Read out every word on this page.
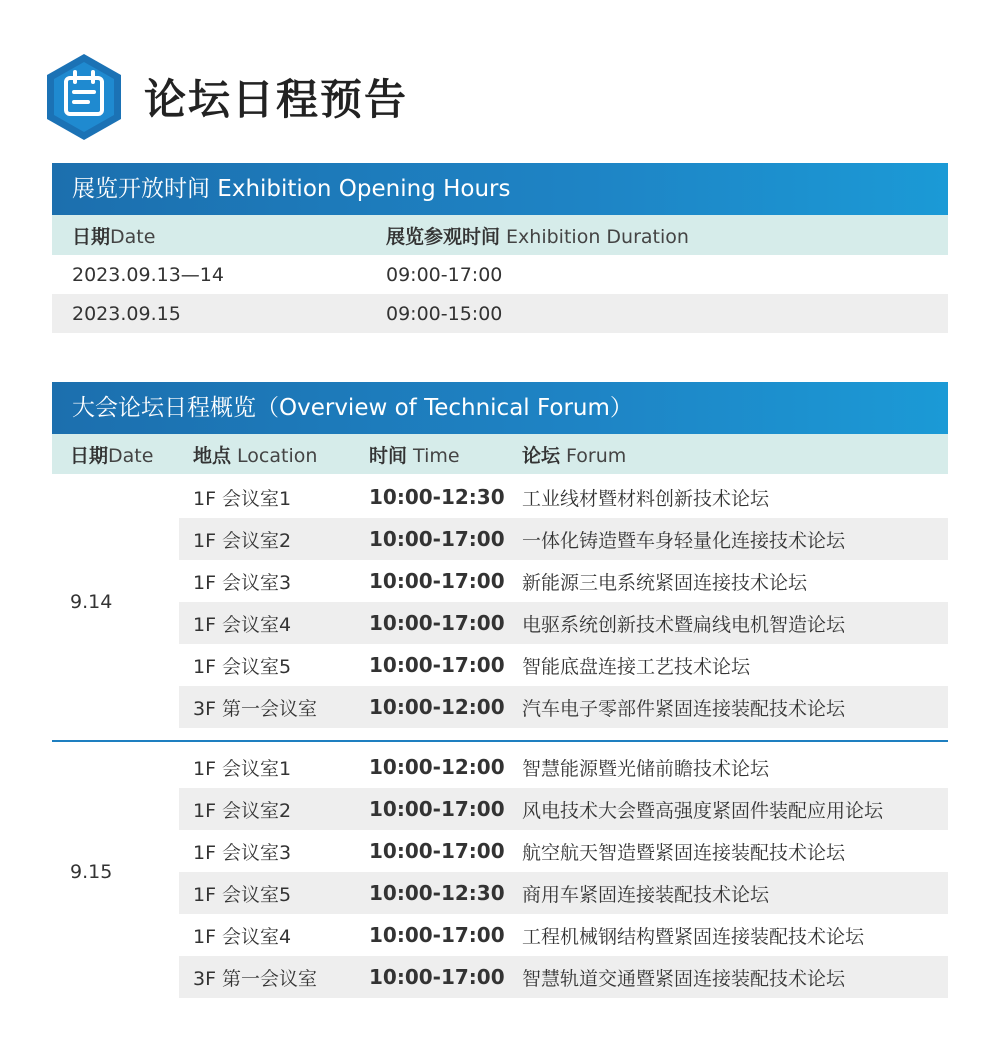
论坛日程预告
展览开放时间 Exhibition Opening Hours
日期Date	展览参观时间 Exhibition Duration
2023.09.13—14	09:00-17:00
2023.09.15	09:00-15:00
大会论坛日程概览（Overview of Technical Forum）
日期Date	地点 Location	时间 Time	论坛 Forum
9.14
1F 会议室1	10:00-12:30 工业线材暨材料创新技术论坛
1F 会议室2	10:00-17:00 一体化铸造暨车身轻量化连接技术论坛
1F 会议室3	10:00-17:00 新能源三电系统紧固连接技术论坛
1F 会议室4	10:00-17:00 电驱系统创新技术暨扁线电机智造论坛
1F 会议室5	10:00-17:00 智能底盘连接工艺技术论坛
3F 第一会议室	10:00-12:00 汽车电子零部件紧固连接装配技术论坛
9.15
1F 会议室1	10:00-12:00 智慧能源暨光储前瞻技术论坛
1F 会议室2	10:00-17:00 风电技术大会暨高强度紧固件装配应用论坛
1F 会议室3	10:00-17:00 航空航天智造暨紧固连接装配技术论坛
1F 会议室5	10:00-12:30 商用车紧固连接装配技术论坛
1F 会议室4	10:00-17:00 工程机械钢结构暨紧固连接装配技术论坛
3F 第一会议室	10:00-17:00 智慧轨道交通暨紧固连接装配技术论坛
